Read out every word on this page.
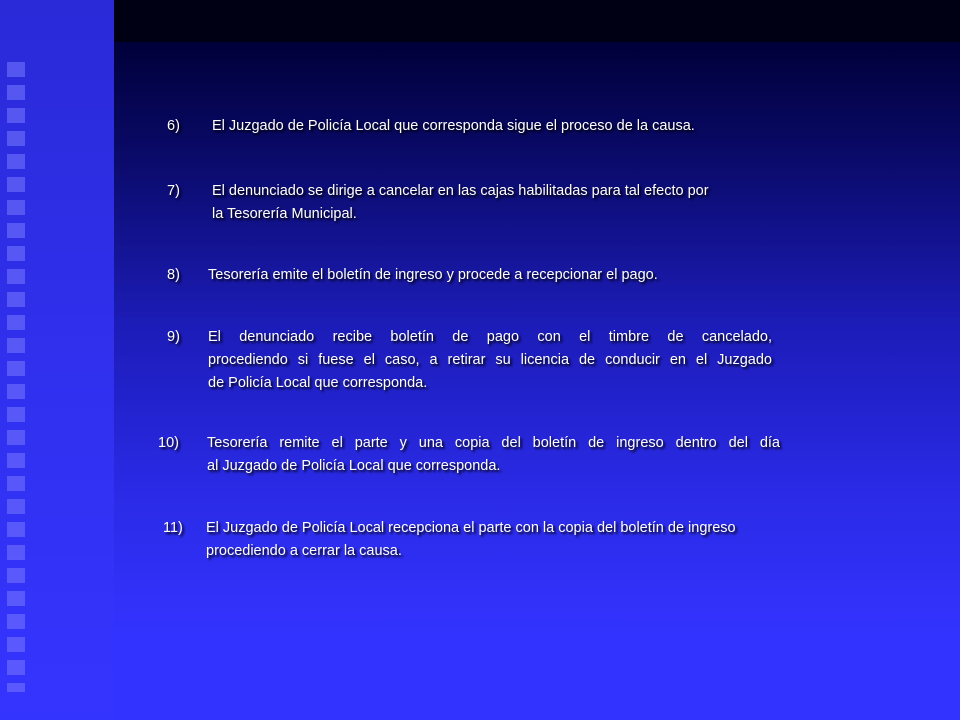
6) El Juzgado de Policía Local que corresponda sigue el proceso de la causa.
7) El denunciado se dirige a cancelar en las cajas habilitadas para tal efecto por
la Tesorería Municipal.
8) Tesorería emite el boletín de ingreso y procede a recepcionar el pago.
9) El denunciado recibe boletín de pago con el timbre de cancelado,
procediendo si fuese el caso, a retirar su licencia de conducir en el Juzgado
de Policía Local que corresponda.
10) Tesorería remite el parte y una copia del boletín de ingreso dentro del día
al Juzgado de Policía Local que corresponda.
11) El Juzgado de Policía Local recepciona el parte con la copia del boletín de ingreso
procediendo a cerrar la causa.
